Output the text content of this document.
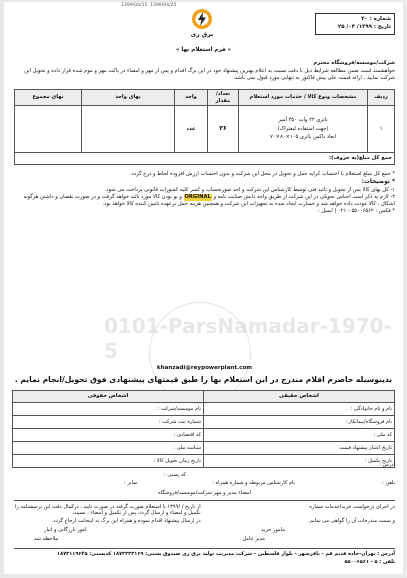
1399/04/15 1399/04/25
شماره : ۲۰
تاریخ : ۱۳۹۹/ ۰۴/ ۲۵
برق ری
« فرم استعلام بها »
شرکت/موسسه/فروشگاه محترم
خواهشمند است ضمن مطالعه شرایط ذیل با دقت نسبت به اعلام بهترین پیشنهاد خود در این برگ اقدام و پس از مهر و امضاء در پاکت مهر و موم شده قرار داده و تحویل این شرکت نمایید ، ارائه قیمت علی پیش فاکتور به تنهایی مورد قبول نمی باشد.
ردیف	مشخصات ونوع کالا / خدمات مورد استعلام	تعداد/مقدار	واحد	بهای واحد	بهای مجموع
۱	باتری ۲۲ وات ۳۵۰ آمپر
(جهت استفاده لیفتراک)
ابعاد باکس باتری ۱۰۵×۸۰×۷۰	۳۶	عدد		
جمع کل مبلغ(به حروف):					
* جمع کل مبلغ استعلام با احتساب کرایه حمل و تحویل در محل این شرکت و بدون احتساب ارزش افزوده لحاظ و درج گردد.
* توضیحات:
۱- کل بهای کالا پس از تحویل و تائید فنی توسط کارشناس این شرکت و اخذ صورتحساب و کسر کلیه کسورات قانونی پرداخت می شود.
۲- لازم به ذکر است اجناس تحویلی در این شرکت از طریق واحد دانش صنایت نامه و ORGINAL و نو بودن کالا مورد تائید خواهد گرفت و در صورت نقصان و داشتن هرگونه اشکال ، کالا عودت داده خواهد شد و خسارت ایجاد شده به تجهیزات این شرکت و همچنین هزینه حمل برعهده تامین کننده کالا خواهد بود.
* فکس : ۵۵۰۰۶۵۶۲ - ۰۲۱ | ایمیل :
0101-ParsNamadar-1970-5
khanzadi@reypowerplant.com
بدینوسیله حاضرم اقلام مندرج در این استعلام بها را طبق قیمتهای پیشنهادی فوق تحویل/انجام نمایم .
اشخاص حقیقی	اشخاص حقوقی
نام و نام خانوادگی :	نام موسسه/شرکت :
نام فروشگاه/پیمانکار :	شماره ثبت شرکت :
کد ملی :	کد اقتصادی :
تاریخ اعتبار پیشنهاد قیمت	شناسه ملی :
تاریخ تکمیل :	تاریخ زمان تحویل کالا :
آدرس :
کد پستی :
تلفن :
نام کارشناس مربوطه و شماره همراه :
نمابر :
امضاء مدیر و مهر شرکت/موسسه/فروشگاه
در اجرای درخواست خرید/خدمات شماره
از تاریخ / /۱۳۹۹ با استعلام صورت گرفته در صورت تایید ، درکمال دقت این پرسشنامه را تکمیل و امضاء و ارسال گردد، پس از تکمیل و امضاء ، نسبت
و سمت مندرجات آن را گواهی می نمایم.
در ارسال پیشنهاد اقدام نموده و همراه این برگ به اینجانب ارجاع گردد.
مامور خرید
امور بازرگانی و انبار
مدیر عامل
ملاحظه شد
آدرس : تهران-جاده قدیم قم - باقرشهر - بلوار فلسطین - شرکت مدیریت تولید برق ری صندوق پستی: ۱۸۷۳۳۳۳۱۶۹ کدپستی: ۱۸۷۳۱۱۹۶۴۵
تلفن : ۵ - ۵۵۰۰۶۵۶۱
